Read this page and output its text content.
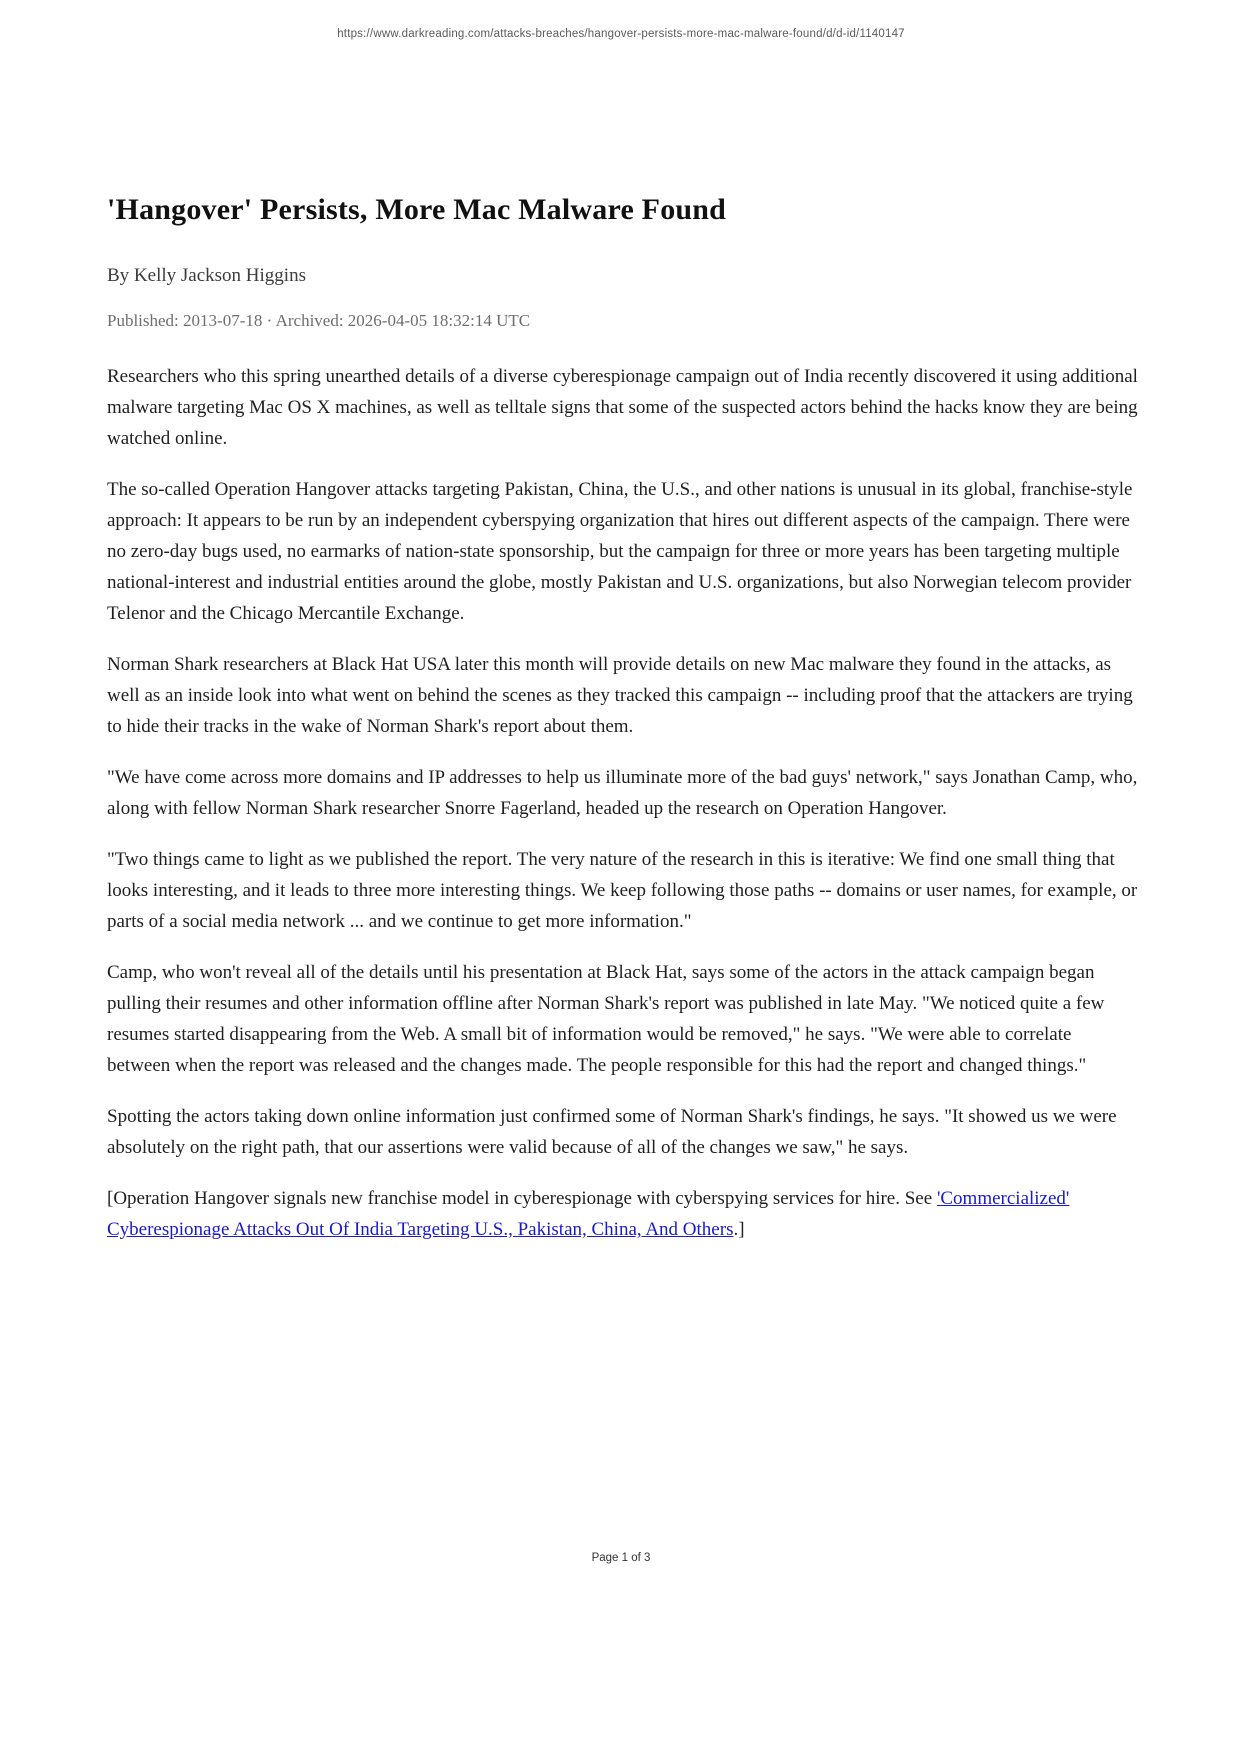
https://www.darkreading.com/attacks-breaches/hangover-persists-more-mac-malware-found/d/d-id/1140147
'Hangover' Persists, More Mac Malware Found

By Kelly Jackson Higgins

Published: 2013-07-18 · Archived: 2026-04-05 18:32:14 UTC

Researchers who this spring unearthed details of a diverse cyberespionage campaign out of India recently discovered it using additional malware targeting Mac OS X machines, as well as telltale signs that some of the suspected actors behind the hacks know they are being watched online.

The so-called Operation Hangover attacks targeting Pakistan, China, the U.S., and other nations is unusual in its global, franchise-style approach: It appears to be run by an independent cyberspying organization that hires out different aspects of the campaign. There were no zero-day bugs used, no earmarks of nation-state sponsorship, but the campaign for three or more years has been targeting multiple national-interest and industrial entities around the globe, mostly Pakistan and U.S. organizations, but also Norwegian telecom provider Telenor and the Chicago Mercantile Exchange.

Norman Shark researchers at Black Hat USA later this month will provide details on new Mac malware they found in the attacks, as well as an inside look into what went on behind the scenes as they tracked this campaign -- including proof that the attackers are trying to hide their tracks in the wake of Norman Shark's report about them.

"We have come across more domains and IP addresses to help us illuminate more of the bad guys' network," says Jonathan Camp, who, along with fellow Norman Shark researcher Snorre Fagerland, headed up the research on Operation Hangover.

"Two things came to light as we published the report. The very nature of the research in this is iterative: We find one small thing that looks interesting, and it leads to three more interesting things. We keep following those paths -- domains or user names, for example, or parts of a social media network ... and we continue to get more information."

Camp, who won't reveal all of the details until his presentation at Black Hat, says some of the actors in the attack campaign began pulling their resumes and other information offline after Norman Shark's report was published in late May. "We noticed quite a few resumes started disappearing from the Web. A small bit of information would be removed," he says. "We were able to correlate between when the report was released and the changes made. The people responsible for this had the report and changed things."

Spotting the actors taking down online information just confirmed some of Norman Shark's findings, he says. "It showed us we were absolutely on the right path, that our assertions were valid because of all of the changes we saw," he says.

[Operation Hangover signals new franchise model in cyberespionage with cyberspying services for hire. See 'Commercialized' Cyberespionage Attacks Out Of India Targeting U.S., Pakistan, China, And Others.]

Page 1 of 3
